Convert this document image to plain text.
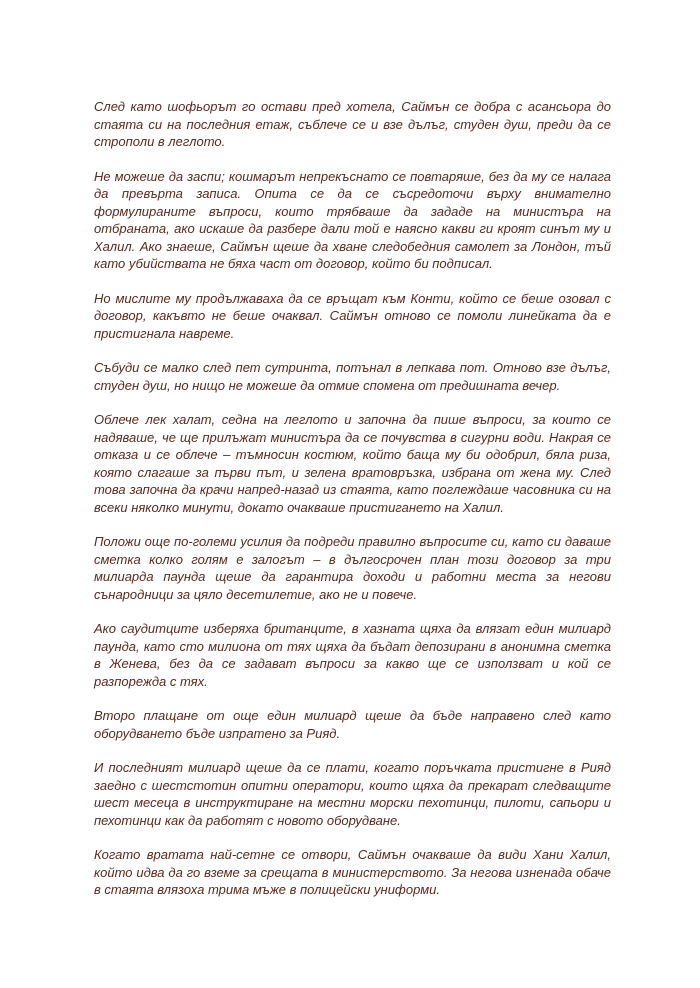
След като шофьорът го остави пред хотела, Саймън се добра с асансьора до стаята си на последния етаж, съблече се и взе дълъг, студен душ, преди да се строполи в леглото.

Не можеше да заспи; кошмарът непрекъснато се повтаряше, без да му се налага да превърта записа. Опита се да се съсредоточи върху внимателно формулираните въпроси, които трябваше да зададе на министъра на отбраната, ако искаше да разбере дали той е наясно какви ги кроят синът му и Халил. Ако знаеше, Саймън щеше да хване следобедния самолет за Лондон, тъй като убийствата не бяха част от договор, който би подписал.

Но мислите му продължаваха да се връщат към Конти, който се беше озовал с договор, какъвто не беше очаквал. Саймън отново се помоли линейката да е пристигнала навреме.

Събуди се малко след пет сутринта, потънал в лепкава пот. Отново взе дълъг, студен душ, но нищо не можеше да отмие спомена от предишната вечер.

Облече лек халат, седна на леглото и започна да пише въпроси, за които се надяваше, че ще прилъжат министъра да се почувства в сигурни води. Накрая се отказа и се облече – тъмносин костюм, който баща му би одобрил, бяла риза, която слагаше за първи път, и зелена вратовръзка, избрана от жена му. След това започна да крачи напред-назад из стаята, като поглеждаше часовника си на всеки няколко минути, докато очакваше пристигането на Халил.

Положи още по-големи усилия да подреди правилно въпросите си, като си даваше сметка колко голям е залогът – в дългосрочен план този договор за три милиарда паунда щеше да гарантира доходи и работни места за негови сънародници за цяло десетилетие, ако не и повече.

Ако саудитците изберяха британците, в хазната щяха да влязат един милиард паунда, като сто милиона от тях щяха да бъдат депозирани в анонимна сметка в Женева, без да се задават въпроси за какво ще се използват и кой се разпорежда с тях.

Второ плащане от още един милиард щеше да бъде направено след като оборудването бъде изпратено за Рияд.

И последният милиард щеше да се плати, когато поръчката пристигне в Рияд заедно с шестстотин опитни оператори, които щяха да прекарат следващите шест месеца в инструктиране на местни морски пехотинци, пилоти, сапьори и пехотинци как да работят с новото оборудване.

Когато вратата най-сетне се отвори, Саймън очакваше да види Хани Халил, който идва да го вземе за срещата в министерството. За негова изненада обаче в стаята влязоха трима мъже в полицейски униформи.
